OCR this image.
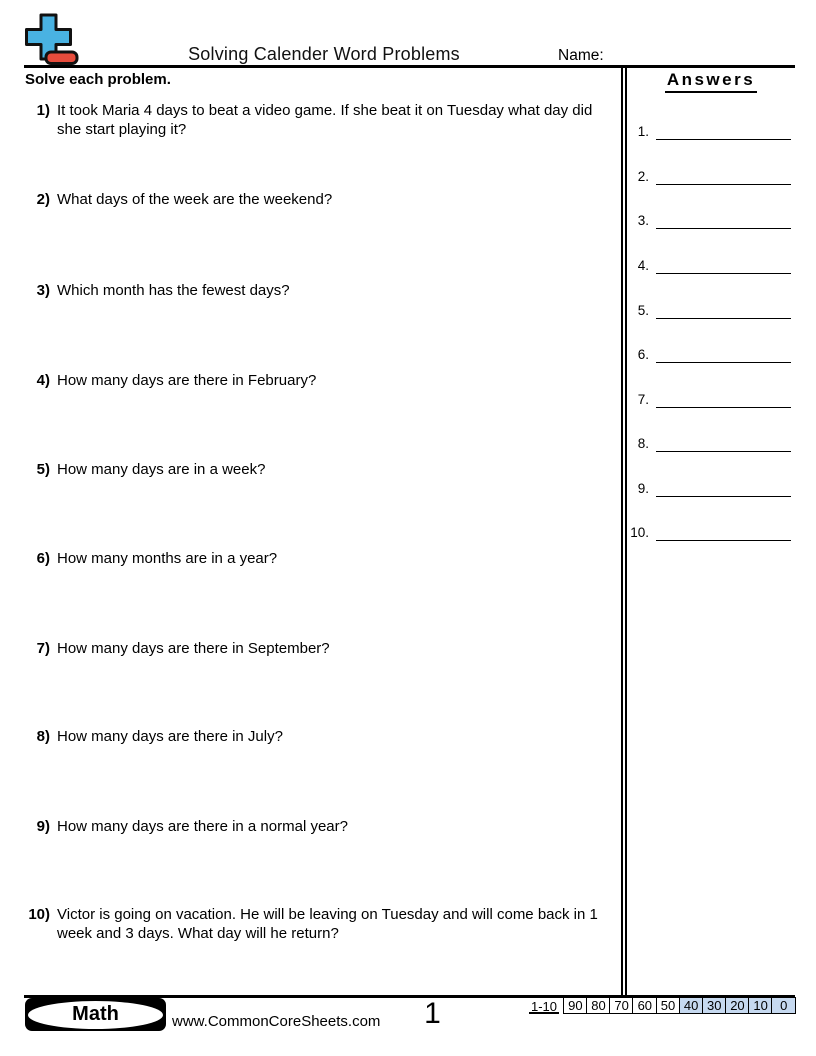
Solving Calender Word Problems	Name:
Solve each problem.
1) It took Maria 4 days to beat a video game. If she beat it on Tuesday what day did she start playing it?
2) What days of the week are the weekend?
3) Which month has the fewest days?
4) How many days are there in February?
5) How many days are in a week?
6) How many months are in a year?
7) How many days are there in September?
8) How many days are there in July?
9) How many days are there in a normal year?
10) Victor is going on vacation. He will be leaving on Tuesday and will come back in 1 week and 3 days. What day will he return?
Answers
1.
2.
3.
4.
5.
6.
7.
8.
9.
10.
Math	www.CommonCoreSheets.com	1	1-10 90 80 70 60 50 40 30 20 10 0
